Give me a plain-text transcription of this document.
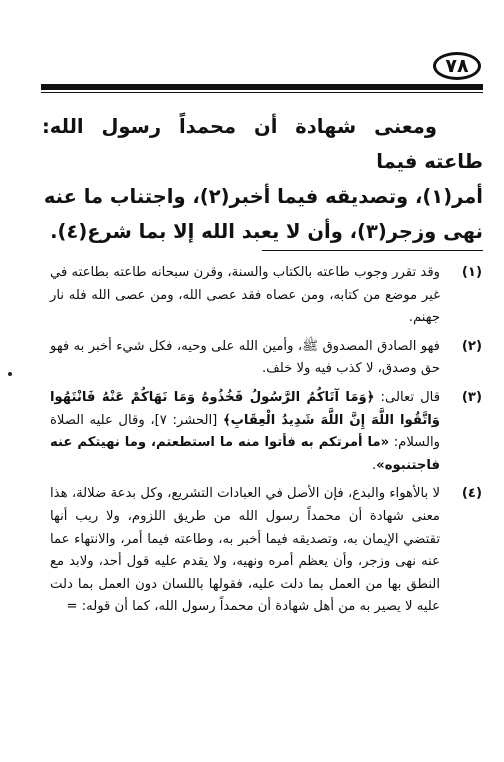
٧٨

ومعنى شهادة أن محمداً رسول الله: طاعته فيما

أمر(١)، وتصديقه فيما أخبر(٢)، واجتناب ما عنه

نهى وزجر(٣)، وأن لا يعبد الله إلا بما شرع(٤).

(١)
وقد تقرر وجوب طاعته بالكتاب والسنة، وقرن سبحانه طاعته بطاعته في غير موضع من كتابه، ومن عصاه فقد عصى الله، ومن عصى الله فله نار جهنم.
(٢)
فهو الصادق المصدوق ﷺ، وأمين الله على وحيه، فكل شيء أخبر به فهو حق وصدق، لا كذب فيه ولا خلف.
(٣)
قال تعالى: ﴿وَمَا آتَاكُمُ الرَّسُولُ فَخُذُوهُ وَمَا نَهَاكُمْ عَنْهُ فَانْتَهُوا وَاتَّقُوا اللَّهَ إِنَّ اللَّهَ شَدِيدُ الْعِقَابِ﴾ [الحشر: ٧]، وقال عليه الصلاة والسلام: «ما أمرتكم به فأتوا منه ما استطعتم، وما نهيتكم عنه فاجتنبوه».
(٤)
لا بالأهواء والبدع، فإن الأصل في العبادات التشريع، وكل بدعة ضلالة، هذا معنى شهادة أن محمداً رسول الله من طريق اللزوم، ولا ريب أنها تقتضي الإيمان به، وتصديقه فيما أخبر به، وطاعته فيما أمر، والانتهاء عما عنه نهى وزجر، وأن يعظم أمره ونهيه، ولا يقدم عليه قول أحد، ولابد مع النطق بها من العمل بما دلت عليه، فقولها باللسان دون العمل بما دلت عليه لا يصير به من أهل شهادة أن محمداً رسول الله، كما أن قوله: =
